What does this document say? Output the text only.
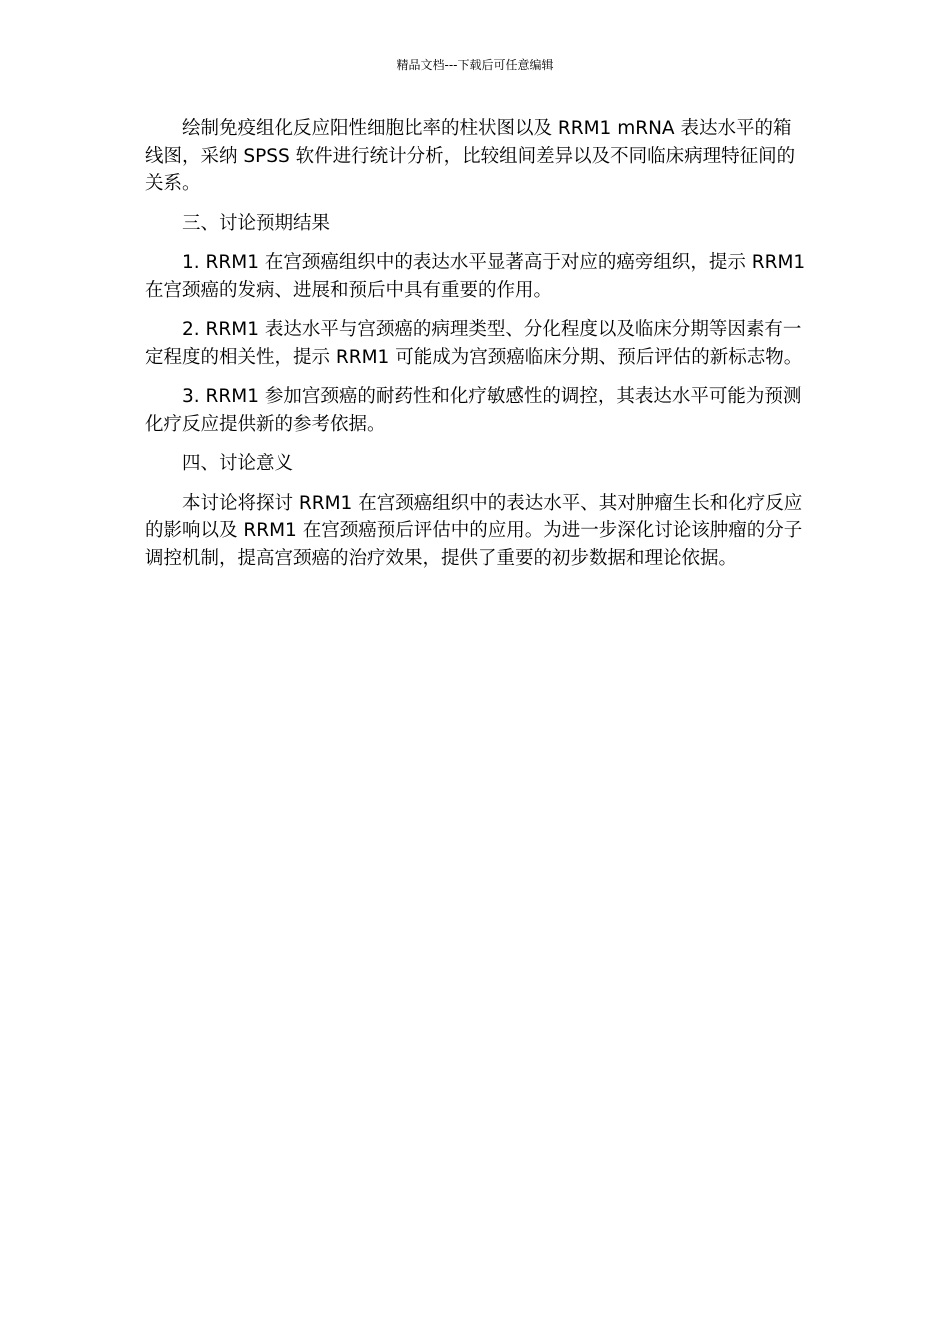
精品文档---下载后可任意编辑

绘制免疫组化反应阳性细胞比率的柱状图以及 RRM1 mRNA 表达水平的箱线图，采纳 SPSS 软件进行统计分析，比较组间差异以及不同临床病理特征间的关系。

三、讨论预期结果

1. RRM1 在宫颈癌组织中的表达水平显著高于对应的癌旁组织，提示 RRM1 在宫颈癌的发病、进展和预后中具有重要的作用。

2. RRM1 表达水平与宫颈癌的病理类型、分化程度以及临床分期等因素有一定程度的相关性，提示 RRM1 可能成为宫颈癌临床分期、预后评估的新标志物。

3. RRM1 参加宫颈癌的耐药性和化疗敏感性的调控，其表达水平可能为预测化疗反应提供新的参考依据。

四、讨论意义

本讨论将探讨 RRM1 在宫颈癌组织中的表达水平、其对肿瘤生长和化疗反应的影响以及 RRM1 在宫颈癌预后评估中的应用。为进一步深化讨论该肿瘤的分子调控机制，提高宫颈癌的治疗效果，提供了重要的初步数据和理论依据。
